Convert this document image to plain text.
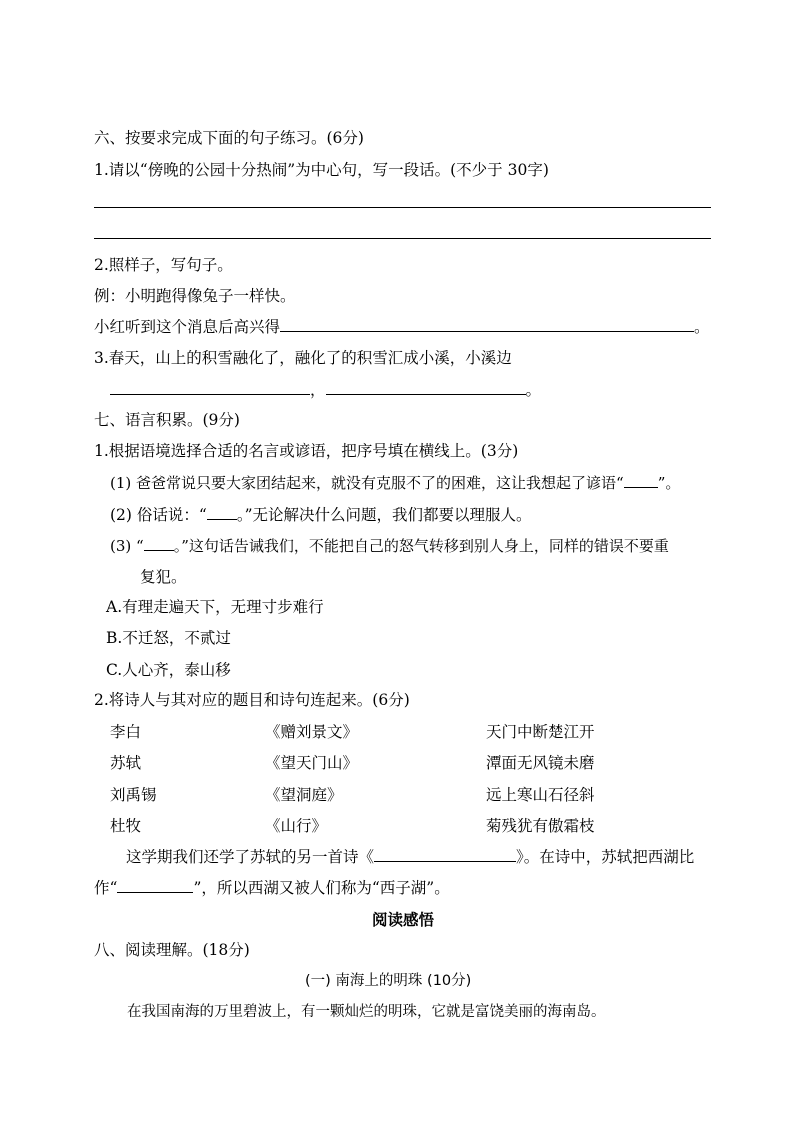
六、按要求完成下面的句子练习。(6分)
1.请以“傍晚的公园十分热闹”为中心句，写一段话。(不少于 30字)
2.照样子，写句子。
例：小明跑得像兔子一样快。
小红听到这个消息后高兴得	。
3.春天，山上的积雪融化了，融化了的积雪汇成小溪，小溪边
，	。
七、语言积累。(9分)
1.根据语境选择合适的名言或谚语，把序号填在横线上。(3分)
(1) 爸爸常说只要大家团结起来，就没有克服不了的困难，这让我想起了谚语“ ”。
(2) 俗话说：“ 。”无论解决什么问题，我们都要以理服人。
(3) “ 。”这句话告诫我们，不能把自己的怒气转移到别人身上，同样的错误不要重
复犯。
A.有理走遍天下，无理寸步难行
B.不迁怒，不贰过
C.人心齐，泰山移
2.将诗人与其对应的题目和诗句连起来。(6分)
李白	《赠刘景文》	天门中断楚江开
苏轼	《望天门山》	潭面无风镜未磨
刘禹锡	《望洞庭》	远上寒山石径斜
杜牧	《山行》	菊残犹有傲霜枝
这学期我们还学了苏轼的另一首诗《	》。在诗中，苏轼把西湖比
作“	”，所以西湖又被人们称为“西子湖”。
阅读感悟
八、阅读理解。(18分)
(一) 南海上的明珠 (10分)
在我国南海的万里碧波上，有一颗灿烂的明珠，它就是富饶美丽的海南岛。
